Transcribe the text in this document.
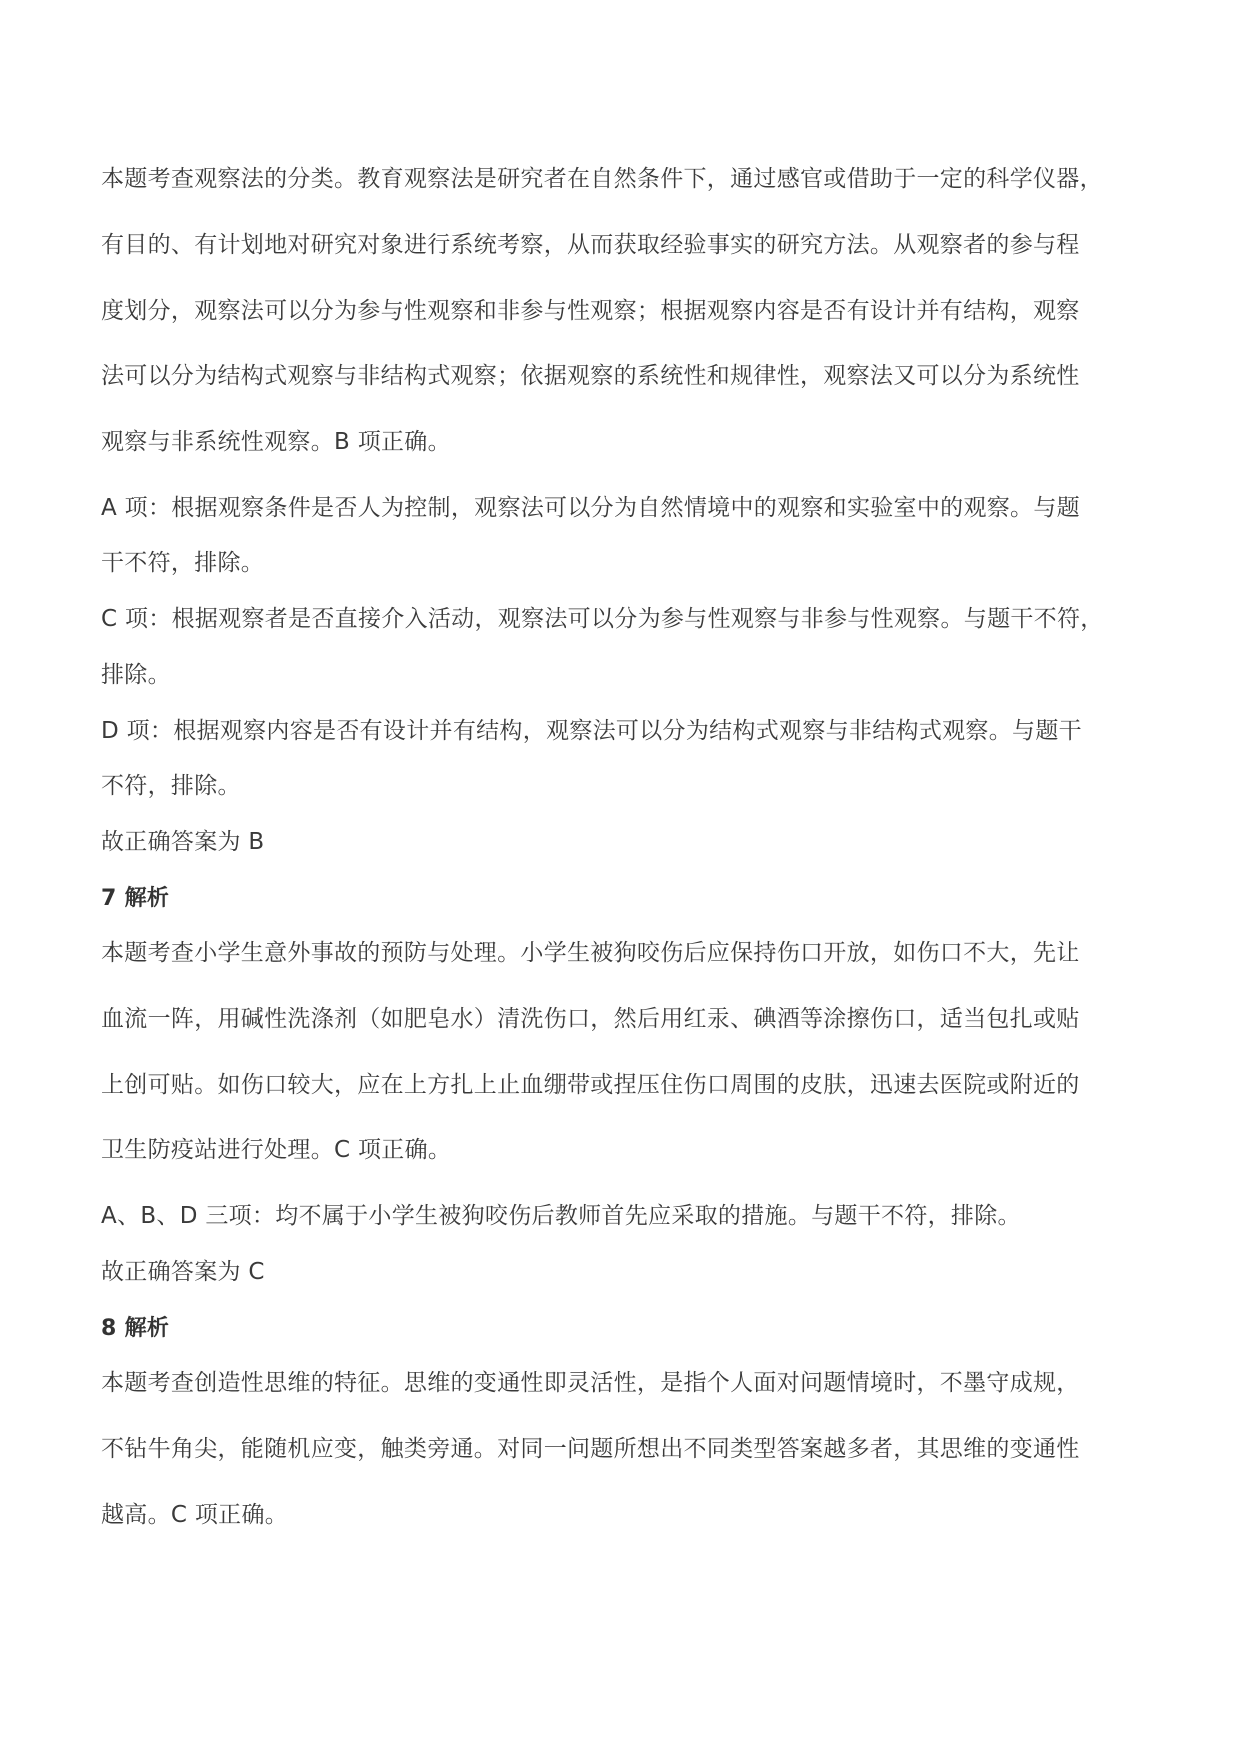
本题考查观察法的分类。教育观察法是研究者在自然条件下，通过感官或借助于一定的科学仪器，

有目的、有计划地对研究对象进行系统考察，从而获取经验事实的研究方法。从观察者的参与程

度划分，观察法可以分为参与性观察和非参与性观察；根据观察内容是否有设计并有结构，观察

法可以分为结构式观察与非结构式观察；依据观察的系统性和规律性，观察法又可以分为系统性

观察与非系统性观察。B 项正确。

A 项：根据观察条件是否人为控制，观察法可以分为自然情境中的观察和实验室中的观察。与题

干不符，排除。

C 项：根据观察者是否直接介入活动，观察法可以分为参与性观察与非参与性观察。与题干不符，

排除。

D 项：根据观察内容是否有设计并有结构，观察法可以分为结构式观察与非结构式观察。与题干

不符，排除。

故正确答案为 B

7 解析

本题考查小学生意外事故的预防与处理。小学生被狗咬伤后应保持伤口开放，如伤口不大，先让

血流一阵，用碱性洗涤剂（如肥皂水）清洗伤口，然后用红汞、碘酒等涂擦伤口，适当包扎或贴

上创可贴。如伤口较大，应在上方扎上止血绷带或捏压住伤口周围的皮肤，迅速去医院或附近的

卫生防疫站进行处理。C 项正确。

A、B、D 三项：均不属于小学生被狗咬伤后教师首先应采取的措施。与题干不符，排除。

故正确答案为 C

8 解析

本题考查创造性思维的特征。思维的变通性即灵活性，是指个人面对问题情境时，不墨守成规，

不钻牛角尖，能随机应变，触类旁通。对同一问题所想出不同类型答案越多者，其思维的变通性

越高。C 项正确。
